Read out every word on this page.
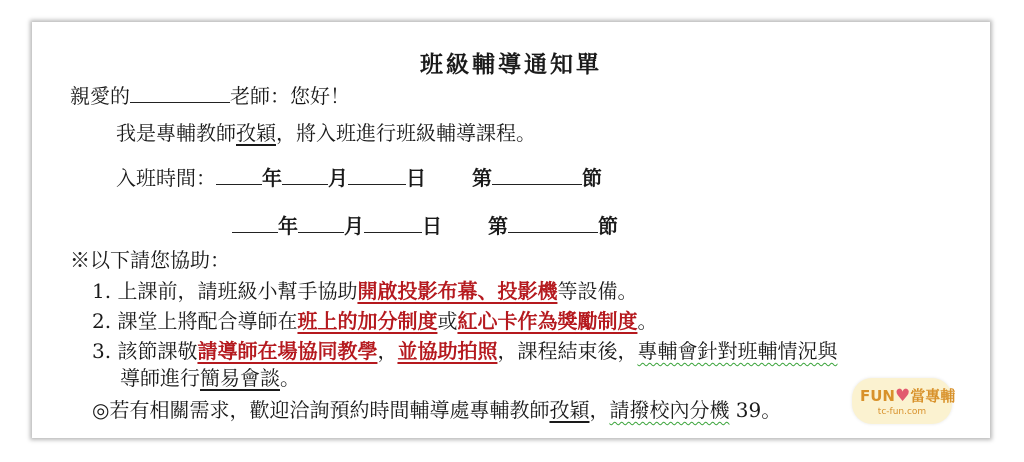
班級輔導通知單
親愛的	老師：您好！
我是專輔教師孜穎，將入班進行班級輔導課程。
入班時間： 年 月	日 第	節
年 月	日 第	節
※以下請您協助：
1. 上課前，請班級小幫手協助開啟投影布幕、投影機等設備。
2. 課堂上將配合導師在班上的加分制度或紅心卡作為獎勵制度。
3. 該節課敬請導師在場協同教學，並協助拍照，課程結束後，專輔會針對班輔情況與
導師進行簡易會談。
◎若有相關需求，歡迎洽詢預約時間輔導處專輔教師孜穎，請撥校內分機 39。
FUN♥當專輔
tc-fun.com
